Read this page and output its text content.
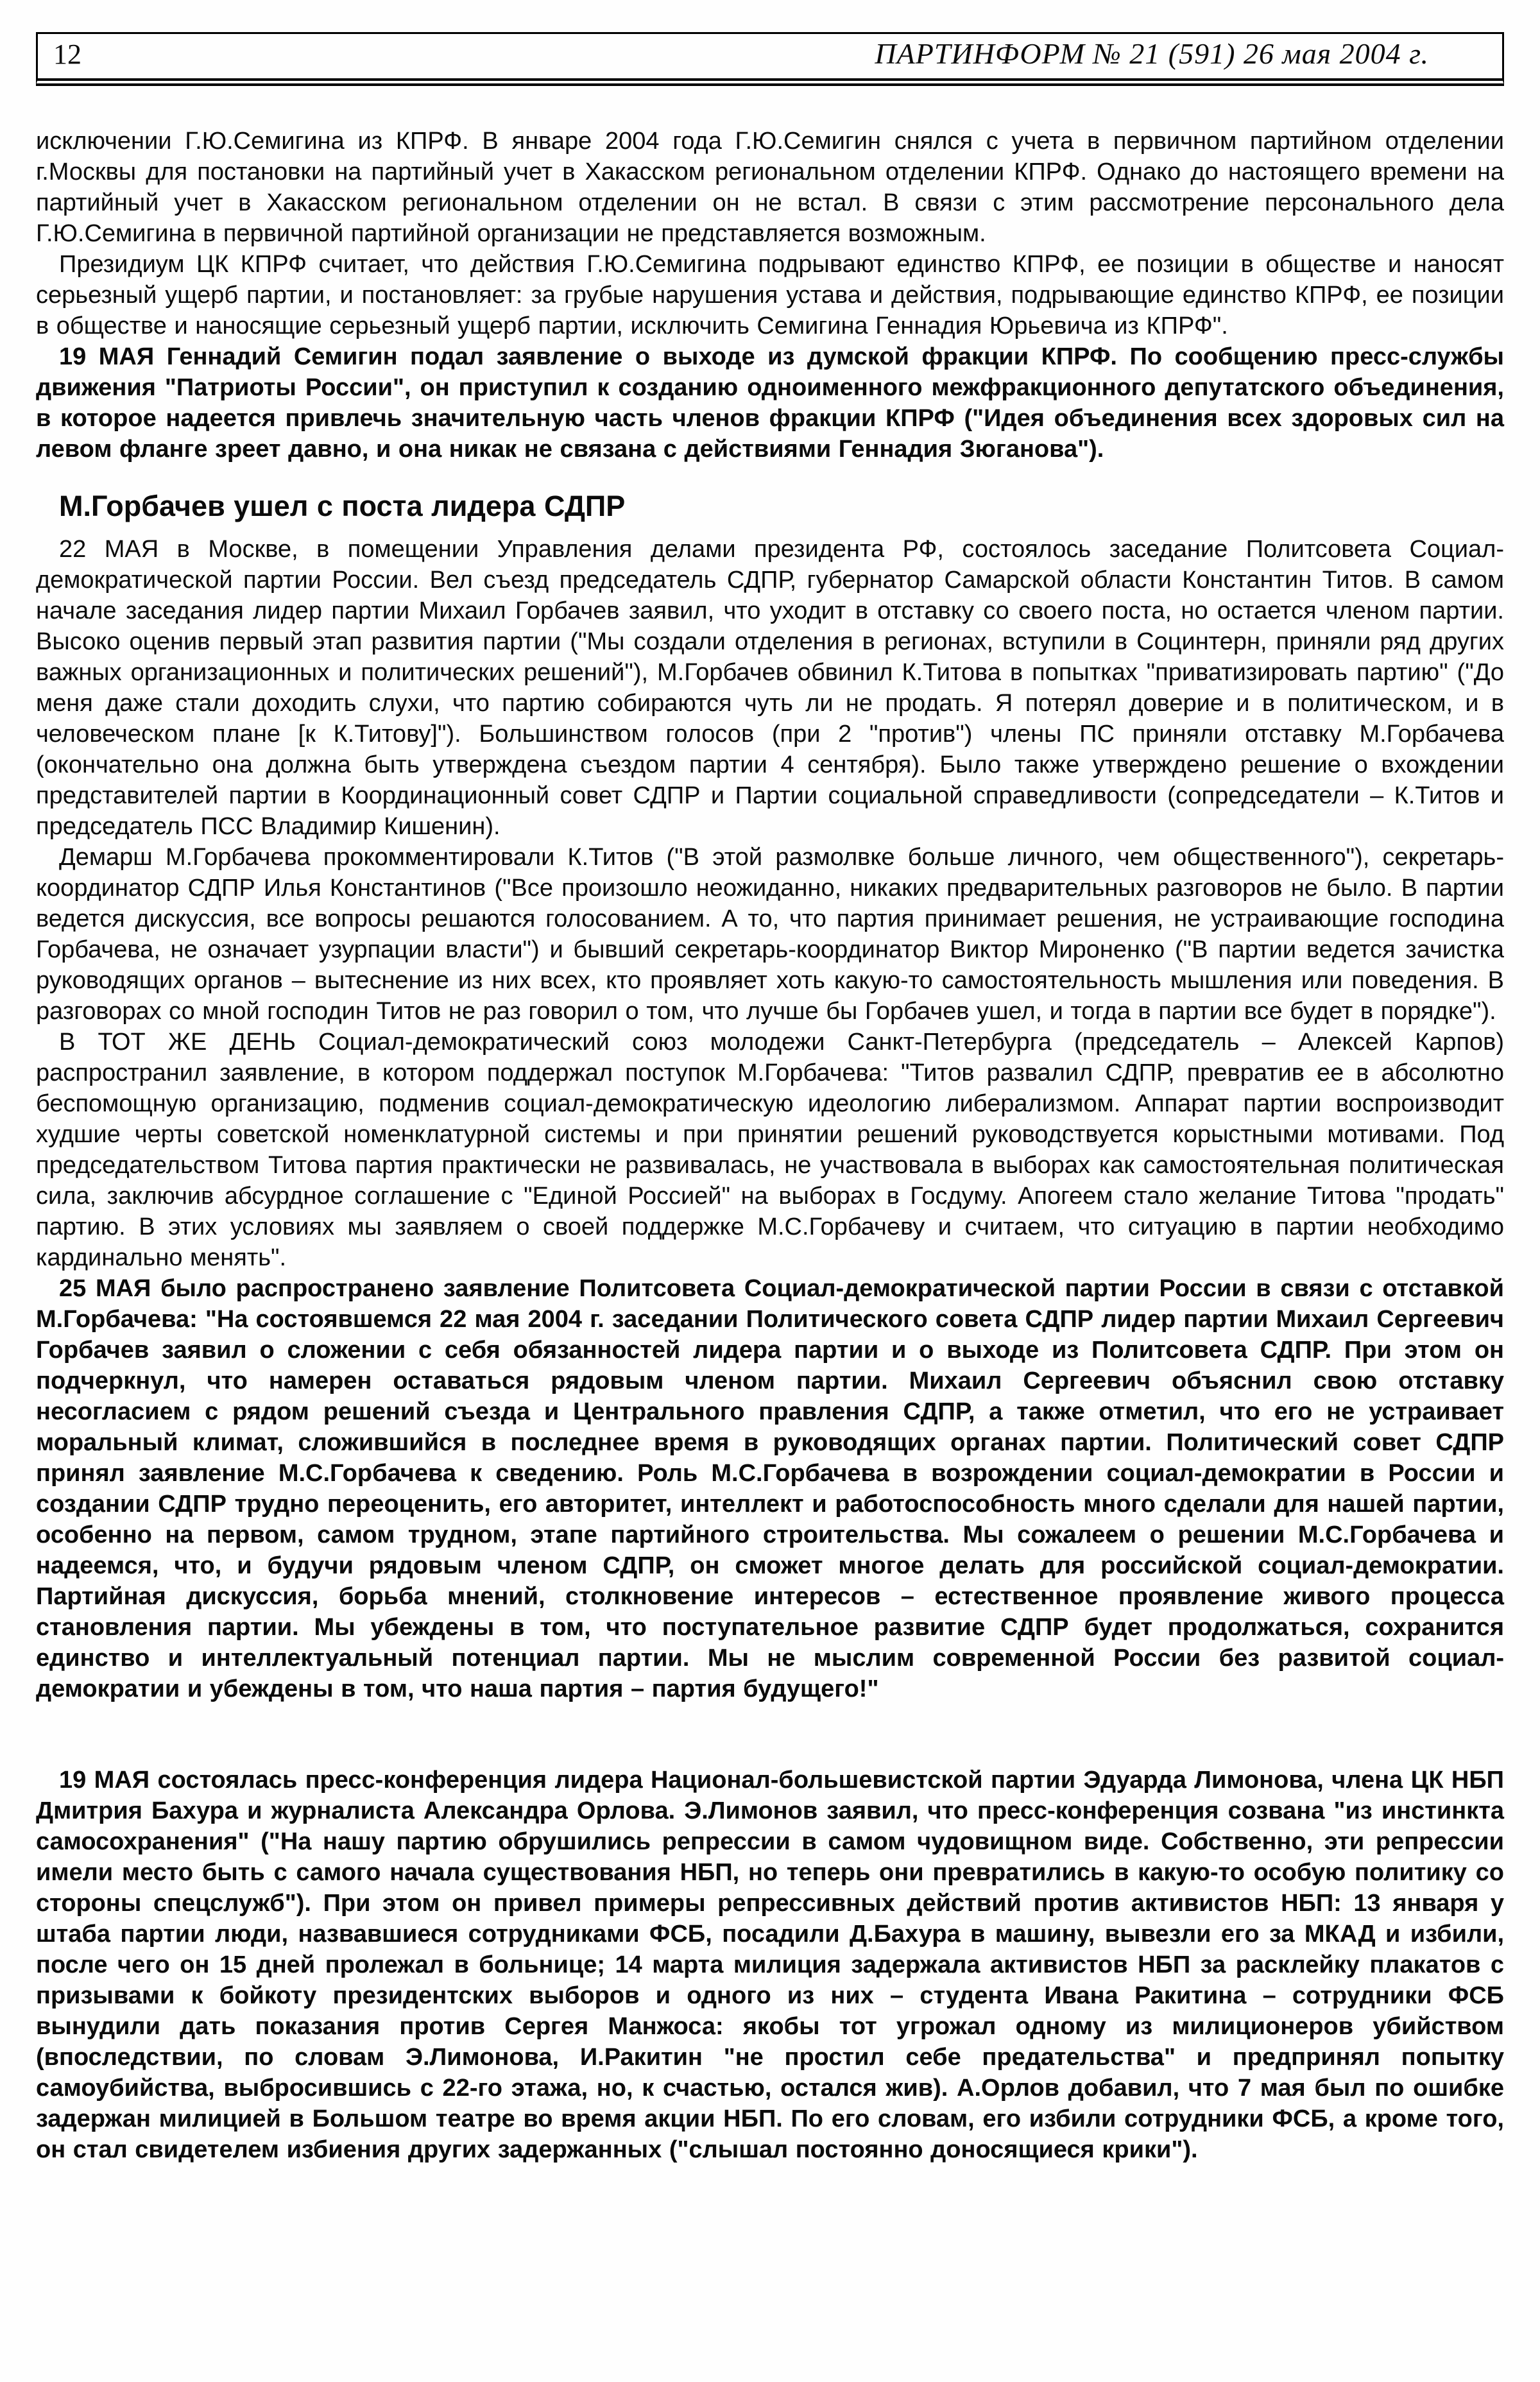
12	ПАРТИНФОРМ № 21 (591) 26 мая 2004 г.

исключении Г.Ю.Семигина из КПРФ. В январе 2004 года Г.Ю.Семигин снялся с учета в первичном партийном отделении г.Москвы для постановки на партийный учет в Хакасском региональном отделении КПРФ. Однако до настоящего времени на партийный учет в Хакасском региональном отделении он не встал. В связи с этим рассмотрение персонального дела Г.Ю.Семигина в первичной партийной организации не представляется возможным.

Президиум ЦК КПРФ считает, что действия Г.Ю.Семигина подрывают единство КПРФ, ее позиции в обществе и наносят серьезный ущерб партии, и постановляет: за грубые нарушения устава и действия, подрывающие единство КПРФ, ее позиции в обществе и наносящие серьезный ущерб партии, исключить Семигина Геннадия Юрьевича из КПРФ".

19 МАЯ Геннадий Семигин подал заявление о выходе из думской фракции КПРФ. По сообщению пресс-службы движения "Патриоты России", он приступил к созданию одноименного межфракционного депутатского объединения, в которое надеется привлечь значительную часть членов фракции КПРФ ("Идея объединения всех здоровых сил на левом фланге зреет давно, и она никак не связана с действиями Геннадия Зюганова").

М.Горбачев ушел с поста лидера СДПР

22 МАЯ в Москве, в помещении Управления делами президента РФ, состоялось заседание Политсовета Социал-демократической партии России. Вел съезд председатель СДПР, губернатор Самарской области Константин Титов. В самом начале заседания лидер партии Михаил Горбачев заявил, что уходит в отставку со своего поста, но остается членом партии. Высоко оценив первый этап развития партии ("Мы создали отделения в регионах, вступили в Социнтерн, приняли ряд других важных организационных и политических решений"), М.Горбачев обвинил К.Титова в попытках "приватизировать партию" ("До меня даже стали доходить слухи, что партию собираются чуть ли не продать. Я потерял доверие и в политическом, и в человеческом плане [к К.Титову]"). Большинством голосов (при 2 "против") члены ПС приняли отставку М.Горбачева (окончательно она должна быть утверждена съездом партии 4 сентября). Было также утверждено решение о вхождении представителей партии в Координационный совет СДПР и Партии социальной справедливости (сопредседатели – К.Титов и председатель ПСС Владимир Кишенин).

Демарш М.Горбачева прокомментировали К.Титов ("В этой размолвке больше личного, чем общественного"), секретарь-координатор СДПР Илья Константинов ("Все произошло неожиданно, никаких предварительных разговоров не было. В партии ведется дискуссия, все вопросы решаются голосованием. А то, что партия принимает решения, не устраивающие господина Горбачева, не означает узурпации власти") и бывший секретарь-координатор Виктор Мироненко ("В партии ведется зачистка руководящих органов – вытеснение из них всех, кто проявляет хоть какую-то самостоятельность мышления или поведения. В разговорах со мной господин Титов не раз говорил о том, что лучше бы Горбачев ушел, и тогда в партии все будет в порядке").

В ТОТ ЖЕ ДЕНЬ Социал-демократический союз молодежи Санкт-Петербурга (председатель – Алексей Карпов) распространил заявление, в котором поддержал поступок М.Горбачева: "Титов развалил СДПР, превратив ее в абсолютно беспомощную организацию, подменив социал-демократическую идеологию либерализмом. Аппарат партии воспроизводит худшие черты советской номенклатурной системы и при принятии решений руководствуется корыстными мотивами. Под председательством Титова партия практически не развивалась, не участвовала в выборах как самостоятельная политическая сила, заключив абсурдное соглашение с "Единой Россией" на выборах в Госдуму. Апогеем стало желание Титова "продать" партию. В этих условиях мы заявляем о своей поддержке М.С.Горбачеву и считаем, что ситуацию в партии необходимо кардинально менять".

25 МАЯ было распространено заявление Политсовета Социал-демократической партии России в связи с отставкой М.Горбачева: "На состоявшемся 22 мая 2004 г. заседании Политического совета СДПР лидер партии Михаил Сергеевич Горбачев заявил о сложении с себя обязанностей лидера партии и о выходе из Политсовета СДПР. При этом он подчеркнул, что намерен оставаться рядовым членом партии. Михаил Сергеевич объяснил свою отставку несогласием с рядом решений съезда и Центрального правления СДПР, а также отметил, что его не устраивает моральный климат, сложившийся в последнее время в руководящих органах партии. Политический совет СДПР принял заявление М.С.Горбачева к сведению. Роль М.С.Горбачева в возрождении социал-демократии в России и создании СДПР трудно переоценить, его авторитет, интеллект и работоспособность много сделали для нашей партии, особенно на первом, самом трудном, этапе партийного строительства. Мы сожалеем о решении М.С.Горбачева и надеемся, что, и будучи рядовым членом СДПР, он сможет многое делать для российской социал-демократии. Партийная дискуссия, борьба мнений, столкновение интересов – естественное проявление живого процесса становления партии. Мы убеждены в том, что поступательное развитие СДПР будет продолжаться, сохранится единство и интеллектуальный потенциал партии. Мы не мыслим современной России без развитой социал-демократии и убеждены в том, что наша партия – партия будущего!"

19 МАЯ состоялась пресс-конференция лидера Национал-большевистской партии Эдуарда Лимонова, члена ЦК НБП Дмитрия Бахура и журналиста Александра Орлова. Э.Лимонов заявил, что пресс-конференция созвана "из инстинкта самосохранения" ("На нашу партию обрушились репрессии в самом чудовищном виде. Собственно, эти репрессии имели место быть с самого начала существования НБП, но теперь они превратились в какую-то особую политику со стороны спецслужб"). При этом он привел примеры репрессивных действий против активистов НБП: 13 января у штаба партии люди, назвавшиеся сотрудниками ФСБ, посадили Д.Бахура в машину, вывезли его за МКАД и избили, после чего он 15 дней пролежал в больнице; 14 марта милиция задержала активистов НБП за расклейку плакатов с призывами к бойкоту президентских выборов и одного из них – студента Ивана Ракитина – сотрудники ФСБ вынудили дать показания против Сергея Манжоса: якобы тот угрожал одному из милиционеров убийством (впоследствии, по словам Э.Лимонова, И.Ракитин "не простил себе предательства" и предпринял попытку самоубийства, выбросившись с 22-го этажа, но, к счастью, остался жив). А.Орлов добавил, что 7 мая был по ошибке задержан милицией в Большом театре во время акции НБП. По его словам, его избили сотрудники ФСБ, а кроме того, он стал свидетелем избиения других задержанных ("слышал постоянно доносящиеся крики").
